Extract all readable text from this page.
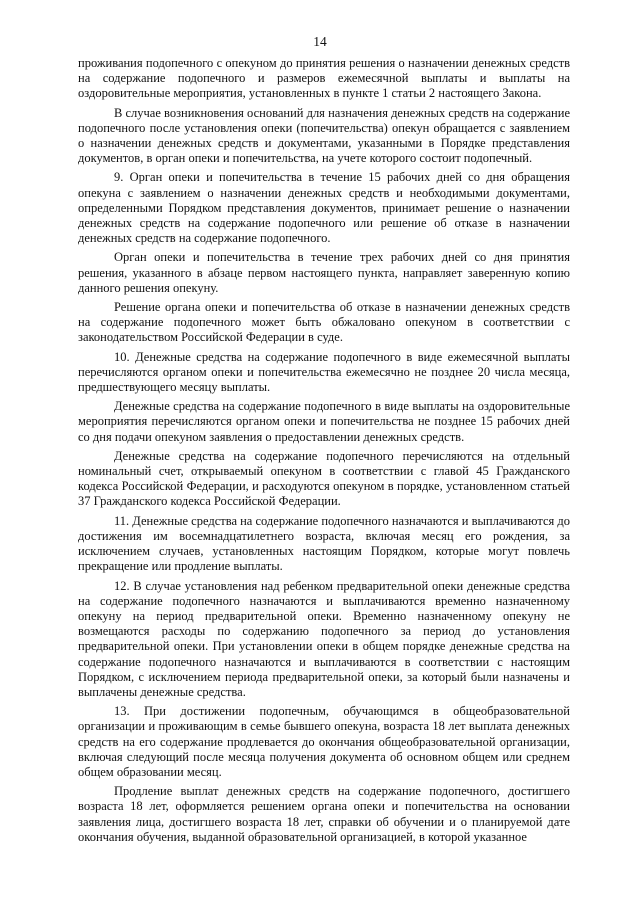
14

проживания подопечного с опекуном до принятия решения о назначении денежных средств на содержание подопечного и размеров ежемесячной выплаты и выплаты на оздоровительные мероприятия, установленных в пункте 1 статьи 2 настоящего Закона.

В случае возникновения оснований для назначения денежных средств на содержание подопечного после установления опеки (попечительства) опекун обращается с заявлением о назначении денежных средств и документами, указанными в Порядке представления документов, в орган опеки и попечительства, на учете которого состоит подопечный.

9. Орган опеки и попечительства в течение 15 рабочих дней со дня обращения опекуна с заявлением о назначении денежных средств и необходимыми документами, определенными Порядком представления документов, принимает решение о назначении денежных средств на содержание подопечного или решение об отказе в назначении денежных средств на содержание подопечного.

Орган опеки и попечительства в течение трех рабочих дней со дня принятия решения, указанного в абзаце первом настоящего пункта, направляет заверенную копию данного решения опекуну.

Решение органа опеки и попечительства об отказе в назначении денежных средств на содержание подопечного может быть обжаловано опекуном в соответствии с законодательством Российской Федерации в суде.

10. Денежные средства на содержание подопечного в виде ежемесячной выплаты перечисляются органом опеки и попечительства ежемесячно не позднее 20 числа месяца, предшествующего месяцу выплаты.

Денежные средства на содержание подопечного в виде выплаты на оздоровительные мероприятия перечисляются органом опеки и попечительства не позднее 15 рабочих дней со дня подачи опекуном заявления о предоставлении денежных средств.

Денежные средства на содержание подопечного перечисляются на отдельный номинальный счет, открываемый опекуном в соответствии с главой 45 Гражданского кодекса Российской Федерации, и расходуются опекуном в порядке, установленном статьей 37 Гражданского кодекса Российской Федерации.

11. Денежные средства на содержание подопечного назначаются и выплачиваются до достижения им восемнадцатилетнего возраста, включая месяц его рождения, за исключением случаев, установленных настоящим Порядком, которые могут повлечь прекращение или продление выплаты.

12. В случае установления над ребенком предварительной опеки денежные средства на содержание подопечного назначаются и выплачиваются временно назначенному опекуну на период предварительной опеки. Временно назначенному опекуну не возмещаются расходы по содержанию подопечного за период до установления предварительной опеки. При установлении опеки в общем порядке денежные средства на содержание подопечного назначаются и выплачиваются в соответствии с настоящим Порядком, с исключением периода предварительной опеки, за который были назначены и выплачены денежные средства.

13. При достижении подопечным, обучающимся в общеобразовательной организации и проживающим в семье бывшего опекуна, возраста 18 лет выплата денежных средств на его содержание продлевается до окончания общеобразовательной организации, включая следующий после месяца получения документа об основном общем или среднем общем образовании месяц.

Продление выплат денежных средств на содержание подопечного, достигшего возраста 18 лет, оформляется решением органа опеки и попечительства на основании заявления лица, достигшего возраста 18 лет, справки об обучении и о планируемой дате окончания обучения, выданной образовательной организацией, в которой указанное
